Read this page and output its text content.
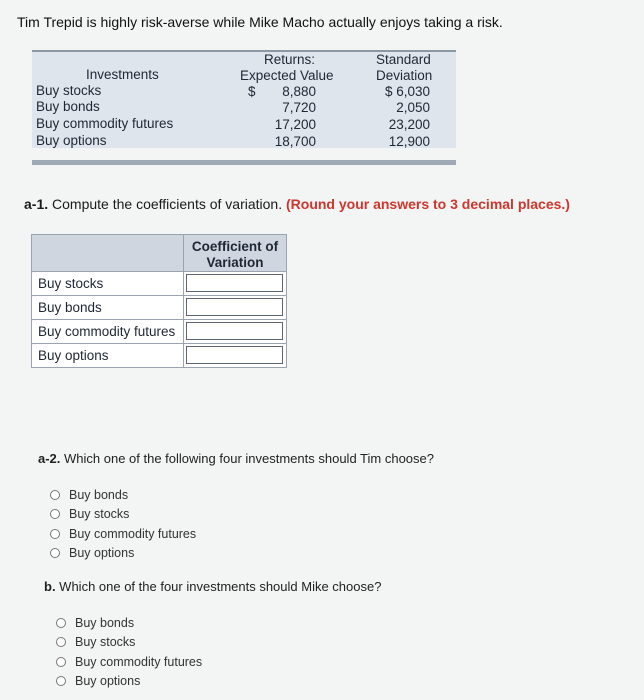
Tim Trepid is highly risk-averse while Mike Macho actually enjoys taking a risk.
Investments
Returns:
Expected Value
Standard
Deviation
Buy stocks	$	8,880	$ 6,030
Buy bonds	7,720	2,050
Buy commodity futures	17,200	23,200
Buy options	18,700	12,900
a-1. Compute the coefficients of variation. (Round your answers to 3 decimal places.)
Coefficient of
Variation
Buy stocks
Buy bonds
Buy commodity futures
Buy options
a-2. Which one of the following four investments should Tim choose?
Buy bonds
Buy stocks
Buy commodity futures
Buy options
b. Which one of the four investments should Mike choose?
Buy bonds
Buy stocks
Buy commodity futures
Buy options
